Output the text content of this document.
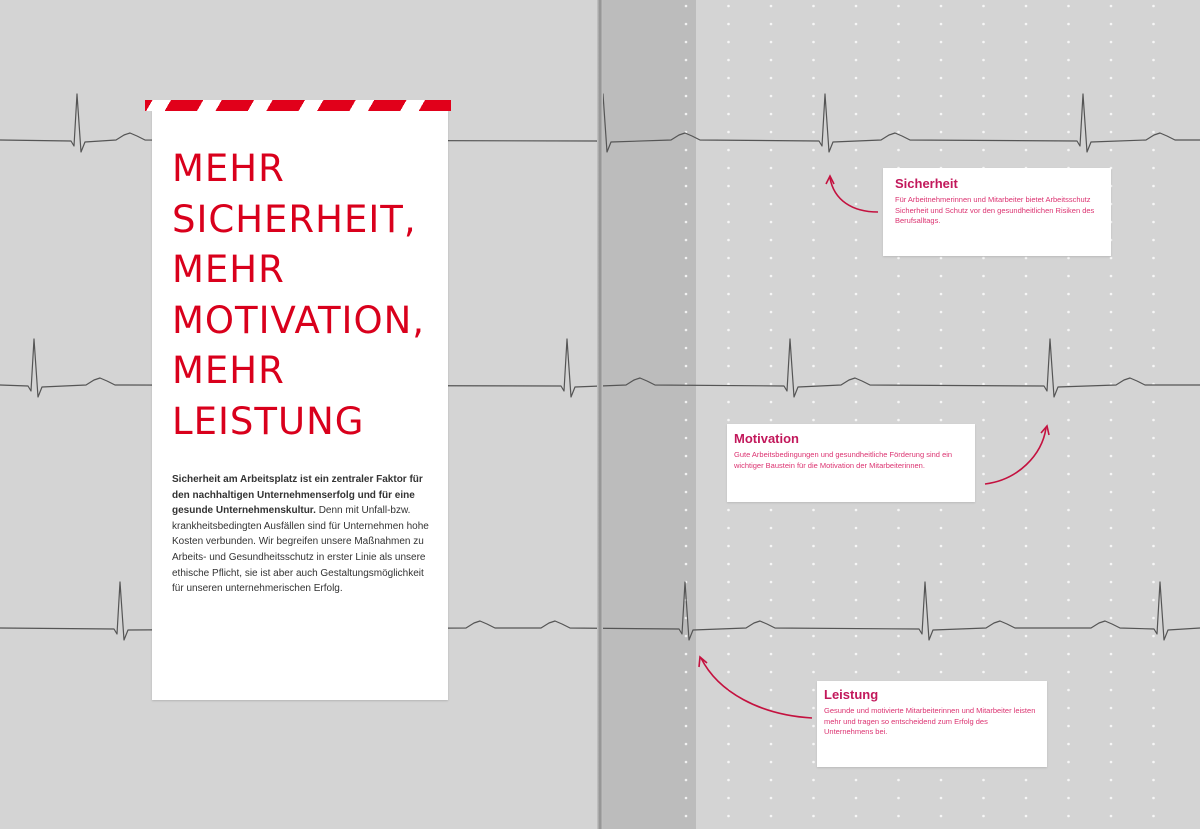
MEHR
SICHERHEIT,
MEHR
MOTIVATION,
MEHR
LEISTUNG

Sicherheit am Arbeitsplatz ist ein zentraler Faktor für den nachhaltigen Unternehmenserfolg und für eine gesunde Unternehmenskultur. Denn mit Unfall-bzw. krankheitsbedingten Ausfällen sind für Unternehmen hohe Kosten verbunden. Wir begreifen unsere Maßnahmen zu Arbeits- und Gesundheitsschutz in erster Linie als unsere ethische Pflicht, sie ist aber auch Gestaltungsmöglichkeit für unseren unternehmerischen Erfolg.

Sicherheit

Für Arbeitnehmerinnen und Mitarbeiter bietet Arbeitsschutz Sicherheit und Schutz vor den gesundheitlichen Risiken des Berufsalltags.

Motivation

Gute Arbeitsbedingungen und gesundheitliche Förderung sind ein wichtiger Baustein für die Motivation der Mitarbeiterinnen.

Leistung

Gesunde und motivierte Mitarbeiterinnen und Mitarbeiter leisten mehr und tragen so entscheidend zum Erfolg des Unternehmens bei.
